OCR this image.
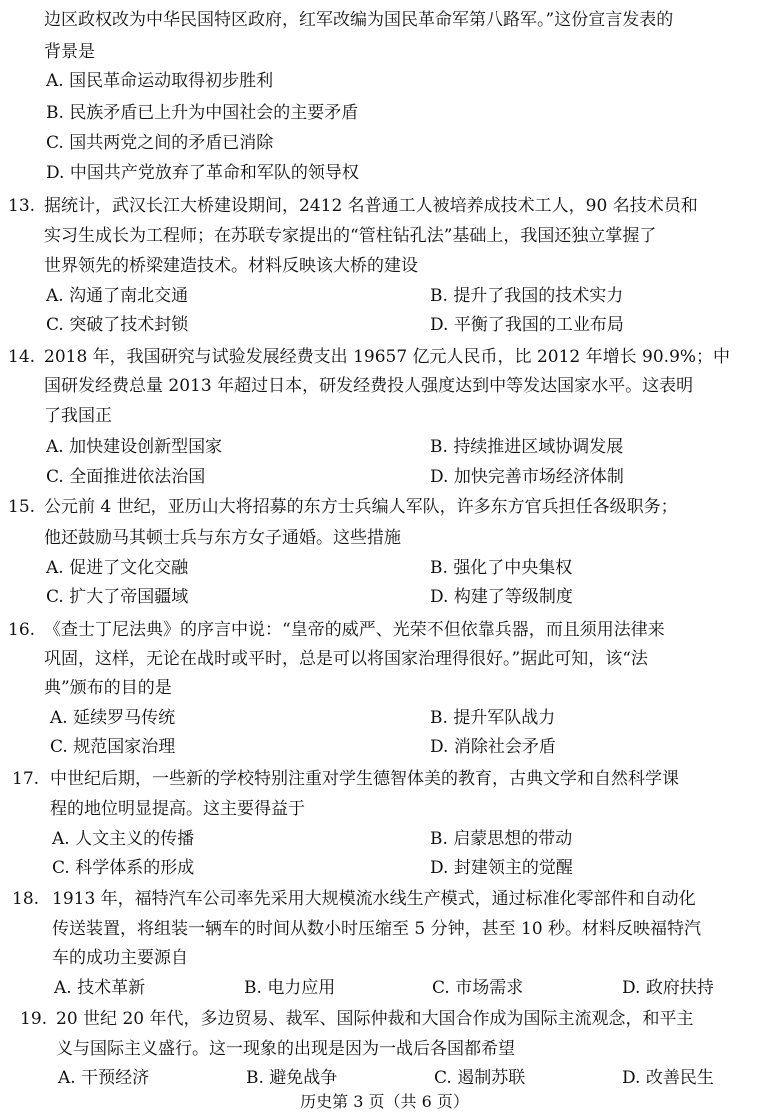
边区政权改为中华民国特区政府，红军改编为国民革命军第八路军。”这份宣言发表的
背景是
A. 国民革命运动取得初步胜利
B. 民族矛盾已上升为中国社会的主要矛盾
C. 国共两党之间的矛盾已消除
D. 中国共产党放弃了革命和军队的领导权
13. 据统计，武汉长江大桥建设期间，2412 名普通工人被培养成技术工人，90 名技术员和
实习生成长为工程师；在苏联专家提出的“管柱钻孔法”基础上，我国还独立掌握了
世界领先的桥梁建造技术。材料反映该大桥的建设
A. 沟通了南北交通	B. 提升了我国的技术实力
C. 突破了技术封锁	D. 平衡了我国的工业布局
14. 2018 年，我国研究与试验发展经费支出 19657 亿元人民币，比 2012 年增长 90.9%；中
国研发经费总量 2013 年超过日本，研发经费投人强度达到中等发达国家水平。这表明
了我国正
A. 加快建设创新型国家	B. 持续推进区域协调发展
C. 全面推进依法治国	D. 加快完善市场经济体制
15. 公元前 4 世纪，亚历山大将招募的东方士兵编人军队，许多东方官兵担任各级职务；
他还鼓励马其顿士兵与东方女子通婚。这些措施
A. 促进了文化交融	B. 强化了中央集权
C. 扩大了帝国疆域	D. 构建了等级制度
16. 《查士丁尼法典》的序言中说：“皇帝的威严、光荣不但依靠兵器，而且须用法律来
巩固，这样，无论在战时或平时，总是可以将国家治理得很好。”据此可知，该“法
典”颁布的目的是
A. 延续罗马传统	B. 提升军队战力
C. 规范国家治理	D. 消除社会矛盾
17. 中世纪后期，一些新的学校特别注重对学生德智体美的教育，古典文学和自然科学课
程的地位明显提高。这主要得益于
A. 人文主义的传播	B. 启蒙思想的带动
C. 科学体系的形成	D. 封建领主的觉醒
18. 1913 年，福特汽车公司率先采用大规模流水线生产模式，通过标准化零部件和自动化
传送装置，将组装一辆车的时间从数小时压缩至 5 分钟，甚至 10 秒。材料反映福特汽
车的成功主要源自
A. 技术革新	B. 电力应用	C. 市场需求	D. 政府扶持
19. 20 世纪 20 年代，多边贸易、裁军、国际仲裁和大国合作成为国际主流观念，和平主
义与国际主义盛行。这一现象的出现是因为一战后各国都希望
A. 干预经济	B. 避免战争	C. 遏制苏联	D. 改善民生
历史第 3 页（共 6 页）
